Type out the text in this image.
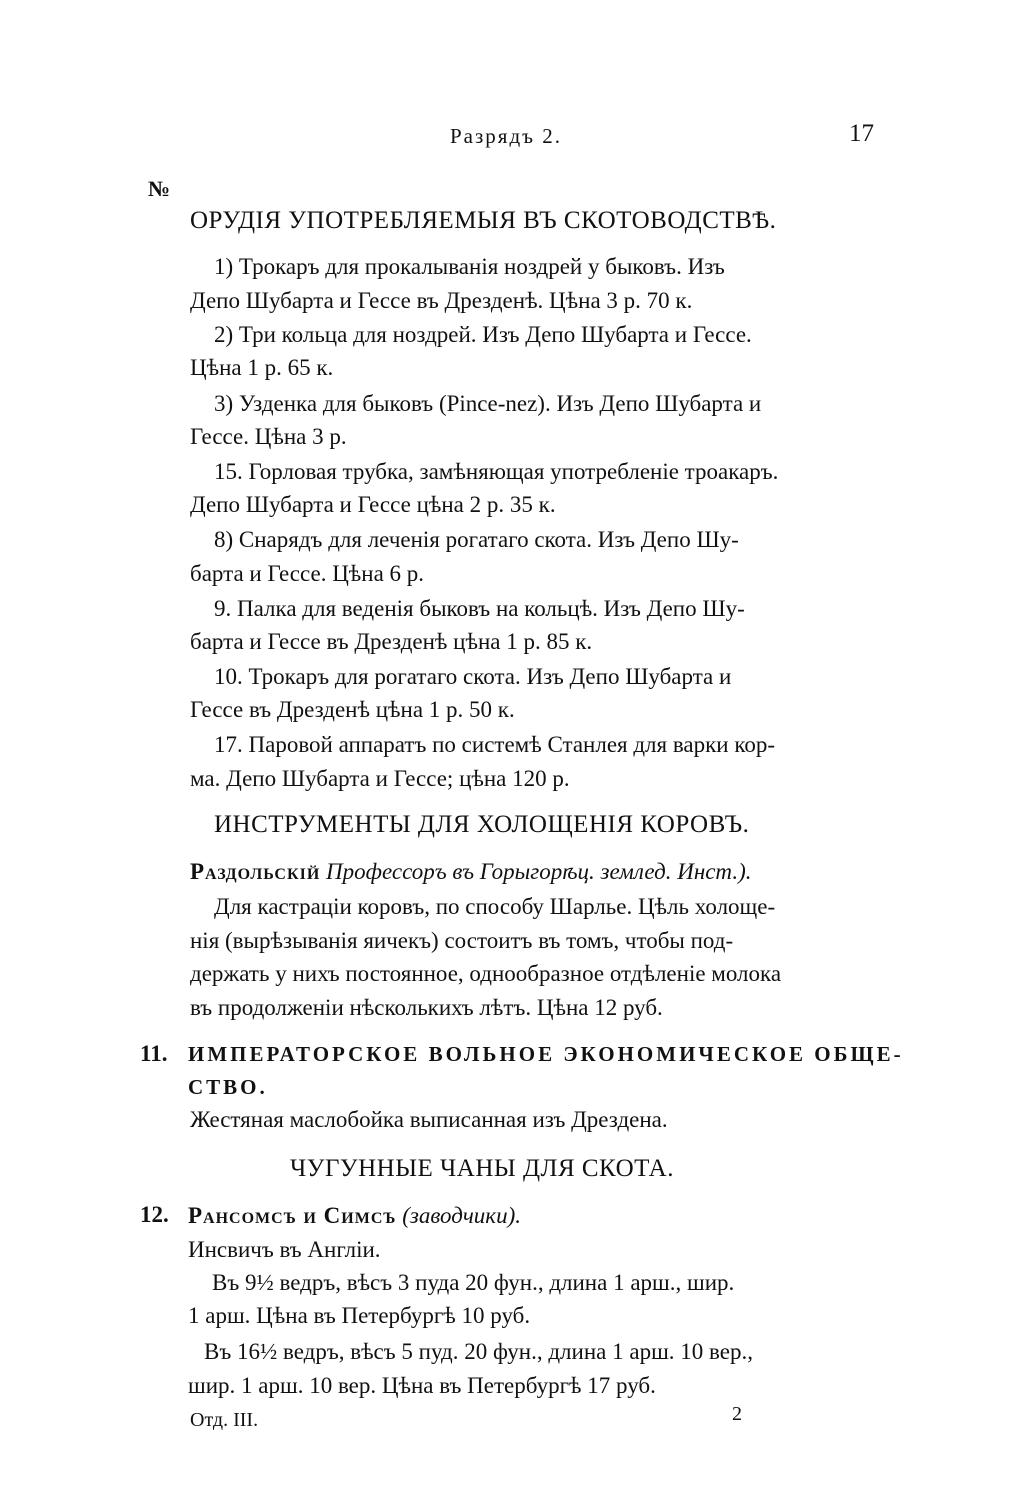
Разрядъ 2.	17
№
ОРУДІЯ УПОТРЕБЛЯЕМЫЯ ВЪ СКОТОВОДСТВѢ.
1) Трокаръ для прокалыванія ноздрей у быковъ. Изъ
Депо Шубарта и Гессе въ Дрезденѣ. Цѣна 3 р. 70 к.
2) Три кольца для ноздрей. Изъ Депо Шубарта и Гессе.
Цѣна 1 р. 65 к.
3) Узденка для быковъ (Pince-nez). Изъ Депо Шубарта и
Гессе. Цѣна 3 р.
15. Горловая трубка, замѣняющая употребленіе троакаръ.
Депо Шубарта и Гессе цѣна 2 р. 35 к.
8) Снарядъ для леченія рогатаго скота. Изъ Депо Шу-
барта и Гессе. Цѣна 6 р.
9. Палка для веденія быковъ на кольцѣ. Изъ Депо Шу-
барта и Гессе въ Дрезденѣ цѣна 1 р. 85 к.
10. Трокаръ для рогатаго скота. Изъ Депо Шубарта и
Гессе въ Дрезденѣ цѣна 1 р. 50 к.
17. Паровой аппаратъ по системѣ Станлея для варки кор-
ма. Депо Шубарта и Гессе; цѣна 120 р.
ИНСТРУМЕНТЫ ДЛЯ ХОЛОЩЕНІЯ КОРОВЪ.
Раздольскій Профессоръ въ Горыгорѣц. землед. Инст.).
Для кастраціи коровъ, по способу Шарлье. Цѣль холоще-
нія (вырѣзыванія яичекъ) состоитъ въ томъ, чтобы под-
держать у нихъ постоянное, однообразное отдѣленіе молока
въ продолженіи нѣсколькихъ лѣтъ. Цѣна 12 руб.
11. ИМПЕРАТОРСКОЕ ВОЛЬНОЕ ЭКОНОМИЧЕСКОЕ ОБЩЕ-
СТВО.
Жестяная маслобойка выписанная изъ Дрездена.
ЧУГУННЫЕ ЧАНЫ ДЛЯ СКОТА.
12. Рансомсъ и Симсъ (заводчики).
Инсвичъ въ Англіи.
Въ 9½ ведръ, вѣсъ 3 пуда 20 фун., длина 1 арш., шир.
1 арш. Цѣна въ Петербургѣ 10 руб.
Въ 16½ ведръ, вѣсъ 5 пуд. 20 фун., длина 1 арш. 10 вер.,
шир. 1 арш. 10 вер. Цѣна въ Петербургѣ 17 руб.
Отд. III.	2
